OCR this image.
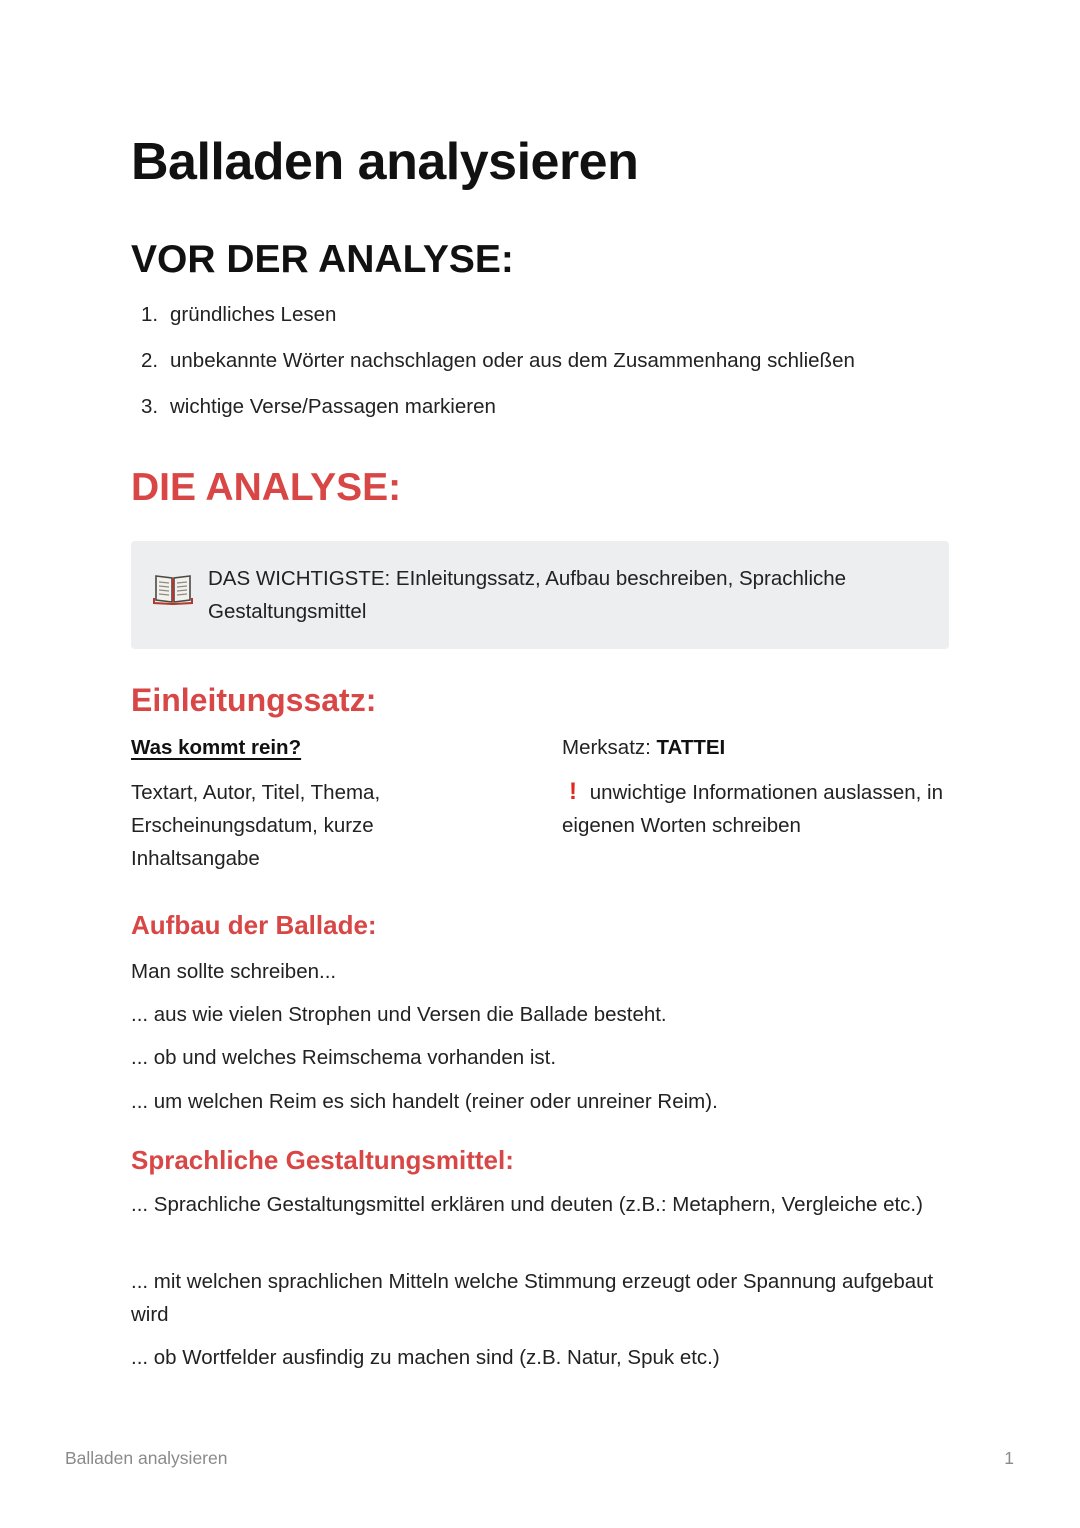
Balladen analysieren
VOR DER ANALYSE:
1. gründliches Lesen
2. unbekannte Wörter nachschlagen oder aus dem Zusammenhang schließen
3. wichtige Verse/Passagen markieren
DIE ANALYSE:
DAS WICHTIGSTE: EInleitungssatz, Aufbau beschreiben, Sprachliche Gestaltungsmittel
Einleitungssatz:
Was kommt rein?
Textart, Autor, Titel, Thema, Erscheinungsdatum, kurze Inhaltsangabe
Merksatz: TATTEI
! unwichtige Informationen auslassen, in eigenen Worten schreiben
Aufbau der Ballade:
Man sollte schreiben...
... aus wie vielen Strophen und Versen die Ballade besteht.
... ob und welches Reimschema vorhanden ist.
... um welchen Reim es sich handelt (reiner oder unreiner Reim).
Sprachliche Gestaltungsmittel:
... Sprachliche Gestaltungsmittel erklären und deuten (z.B.: Metaphern, Vergleiche etc.)
... mit welchen sprachlichen Mitteln welche Stimmung erzeugt oder Spannung aufgebaut wird
... ob Wortfelder ausfindig zu machen sind (z.B. Natur, Spuk etc.)
Balladen analysieren	1
